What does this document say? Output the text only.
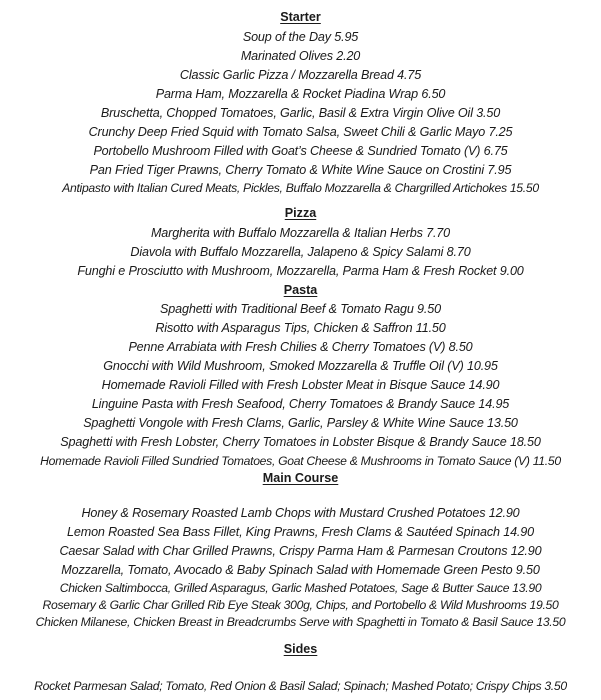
Starter
Soup of the Day 5.95
Marinated Olives 2.20
Classic Garlic Pizza / Mozzarella Bread 4.75
Parma Ham, Mozzarella & Rocket Piadina Wrap 6.50
Bruschetta, Chopped Tomatoes, Garlic, Basil & Extra Virgin Olive Oil 3.50
Crunchy Deep Fried Squid with Tomato Salsa, Sweet Chili & Garlic Mayo 7.25
Portobello Mushroom Filled with Goat’s Cheese & Sundried Tomato (V) 6.75
Pan Fried Tiger Prawns, Cherry Tomato & White Wine Sauce on Crostini 7.95
Antipasto with Italian Cured Meats, Pickles, Buffalo Mozzarella & Chargrilled Artichokes 15.50
Pizza
Margherita with Buffalo Mozzarella & Italian Herbs 7.70
Diavola with Buffalo Mozzarella, Jalapeno & Spicy Salami 8.70
Funghi e Prosciutto with Mushroom, Mozzarella, Parma Ham & Fresh Rocket 9.00
Pasta
Spaghetti with Traditional Beef & Tomato Ragu 9.50
Risotto with Asparagus Tips, Chicken & Saffron 11.50
Penne Arrabiata with Fresh Chilies & Cherry Tomatoes (V) 8.50
Gnocchi with Wild Mushroom, Smoked Mozzarella & Truffle Oil (V) 10.95
Homemade Ravioli Filled with Fresh Lobster Meat in Bisque Sauce 14.90
Linguine Pasta with Fresh Seafood, Cherry Tomatoes & Brandy Sauce 14.95
Spaghetti Vongole with Fresh Clams, Garlic, Parsley & White Wine Sauce 13.50
Spaghetti with Fresh Lobster, Cherry Tomatoes in Lobster Bisque & Brandy Sauce 18.50
Homemade Ravioli Filled Sundried Tomatoes, Goat Cheese & Mushrooms in Tomato Sauce (V) 11.50
Main Course
Honey & Rosemary Roasted Lamb Chops with Mustard Crushed Potatoes 12.90
Lemon Roasted Sea Bass Fillet, King Prawns, Fresh Clams & Sautéed Spinach 14.90
Caesar Salad with Char Grilled Prawns, Crispy Parma Ham & Parmesan Croutons 12.90
Mozzarella, Tomato, Avocado & Baby Spinach Salad with Homemade Green Pesto 9.50
Chicken Saltimbocca, Grilled Asparagus, Garlic Mashed Potatoes, Sage & Butter Sauce 13.90
Rosemary & Garlic Char Grilled Rib Eye Steak 300g, Chips, and Portobello & Wild Mushrooms 19.50
Chicken Milanese, Chicken Breast in Breadcrumbs Serve with Spaghetti in Tomato & Basil Sauce 13.50
Sides
Rocket Parmesan Salad; Tomato, Red Onion & Basil Salad; Spinach; Mashed Potato; Crispy Chips 3.50
